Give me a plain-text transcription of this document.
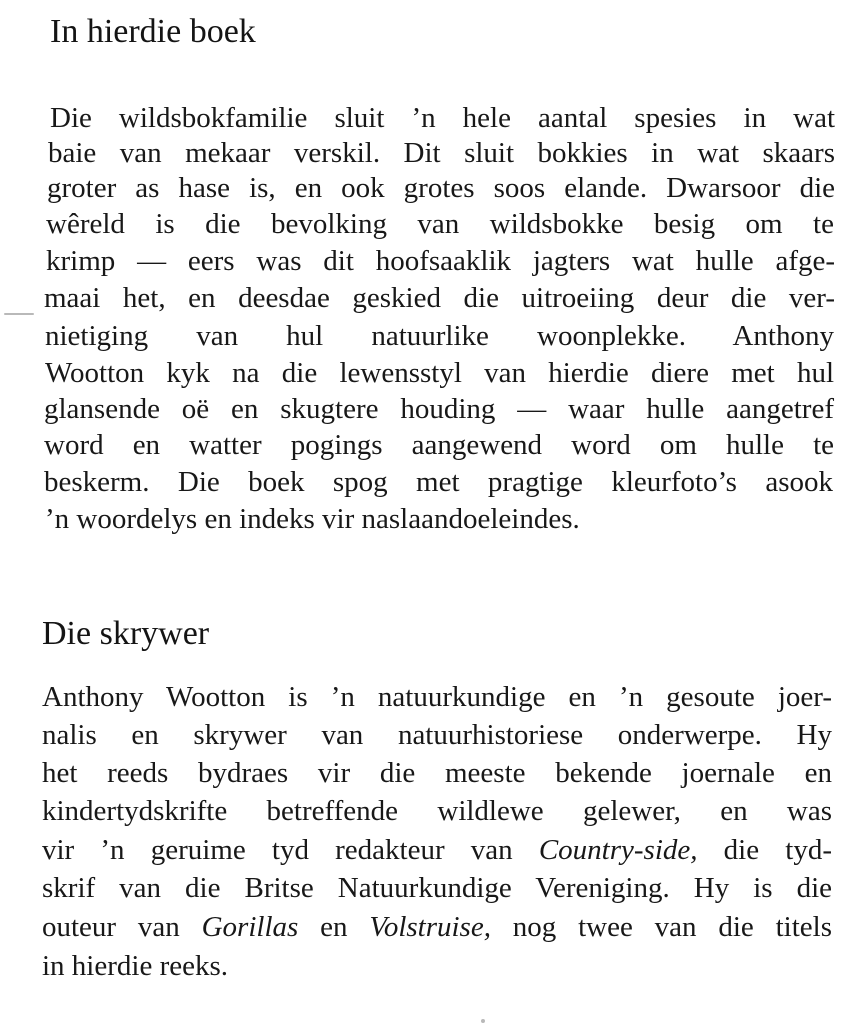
In hierdie boek
Die wildsbokfamilie sluit ’n hele aantal spesies in wat
baie van mekaar verskil. Dit sluit bokkies in wat skaars
groter as hase is, en ook grotes soos elande. Dwarsoor die
wêreld is die bevolking van wildsbokke besig om te
krimp — eers was dit hoofsaaklik jagters wat hulle afge-
maai het, en deesdae geskied die uitroeiing deur die ver-
nietiging van hul natuurlike woonplekke. Anthony
Wootton kyk na die lewensstyl van hierdie diere met hul
glansende oë en skugtere houding — waar hulle aangetref
word en watter pogings aangewend word om hulle te
beskerm. Die boek spog met pragtige kleurfoto’s asook
’n woordelys en indeks vir naslaandoeleindes.
Die skrywer
Anthony Wootton is ’n natuurkundige en ’n gesoute joer-
nalis en skrywer van natuurhistoriese onderwerpe. Hy
het reeds bydraes vir die meeste bekende joernale en
kindertydskrifte betreffende wildlewe gelewer, en was
vir ’n geruime tyd redakteur van Country-side, die tyd-
skrif van die Britse Natuurkundige Vereniging. Hy is die
outeur van Gorillas en Volstruise, nog twee van die titels
in hierdie reeks.
